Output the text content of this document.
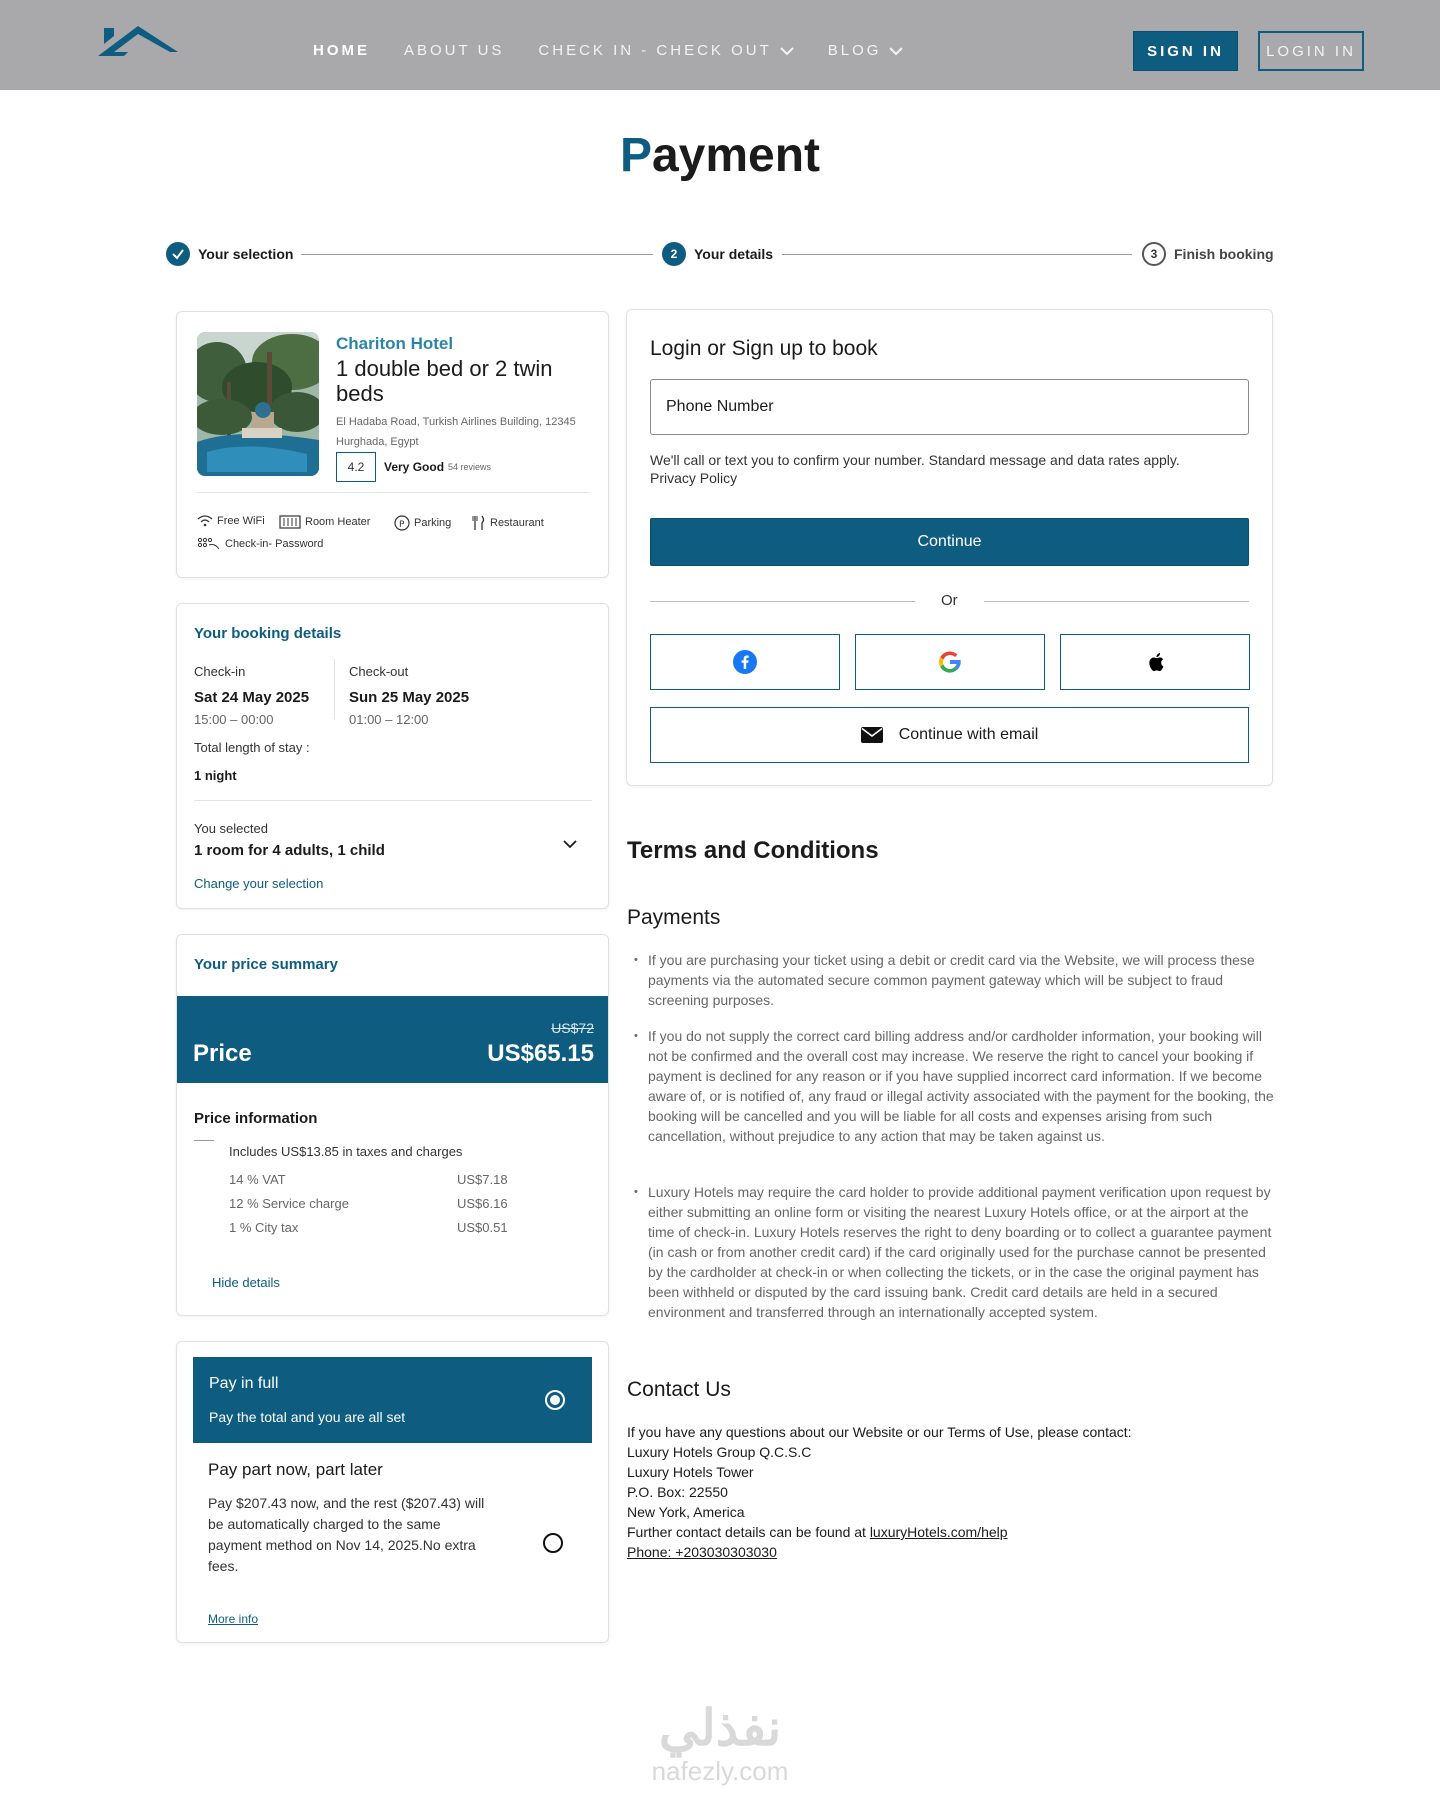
HOME ABOUT US CHECK IN - CHECK OUT	BLOG	SIGN IN	LOGIN IN
Payment
Your selection	2	Your details	3	Finish booking
Chariton Hotel
1 double bed or 2 twin beds
El Hadaba Road, Turkish Airlines Building, 12345 Hurghada, Egypt
4.2	Very Good 54 reviews
Free WiFi	Room Heater	P Parking	Restaurant
Check-in- Password
Your booking details
Check-in
Sat 24 May 2025
15:00 – 00:00
Check-out
Sun 25 May 2025
01:00 – 12:00
Total length of stay :
1 night
You selected
1 room for 4 adults, 1 child
Change your selection
Your price summary
US$72
Price	US$65.15
Price information
Includes US$13.85 in taxes and charges
14 % VAT	US$7.18
12 % Service charge	US$6.16
1 % City tax	US$0.51
Hide details
Pay in full
Pay the total and you are all set
Pay part now, part later
Pay $207.43 now, and the rest ($207.43) will be automatically charged to the same payment method on Nov 14, 2025.No extra fees.
More info
Login or Sign up to book
Phone Number
We'll call or text you to confirm your number. Standard message and data rates apply.
Privacy Policy
Continue
Or
Continue with email
Terms and Conditions
Payments

• If you are purchasing your ticket using a debit or credit card via the Website, we will process these payments via the automated secure common payment gateway which will be subject to fraud screening purposes.

• If you do not supply the correct card billing address and/or cardholder information, your booking will not be confirmed and the overall cost may increase. We reserve the right to cancel your booking if payment is declined for any reason or if you have supplied incorrect card information. If we become aware of, or is notified of, any fraud or illegal activity associated with the payment for the booking, the booking will be cancelled and you will be liable for all costs and expenses arising from such cancellation, without prejudice to any action that may be taken against us.

• Luxury Hotels may require the card holder to provide additional payment verification upon request by either submitting an online form or visiting the nearest Luxury Hotels office, or at the airport at the time of check-in. Luxury Hotels reserves the right to deny boarding or to collect a guarantee payment (in cash or from another credit card) if the card originally used for the purchase cannot be presented by the cardholder at check-in or when collecting the tickets, or in the case the original payment has been withheld or disputed by the card issuing bank. Credit card details are held in a secured environment and transferred through an internationally accepted system.

Contact Us
If you have any questions about our Website or our Terms of Use, please contact:
Luxury Hotels Group Q.C.S.C
Luxury Hotels Tower
P.O. Box: 22550
New York, America
Further contact details can be found at luxuryHotels.com/help
Phone: +203030303030
نفذلي
nafezly.com
